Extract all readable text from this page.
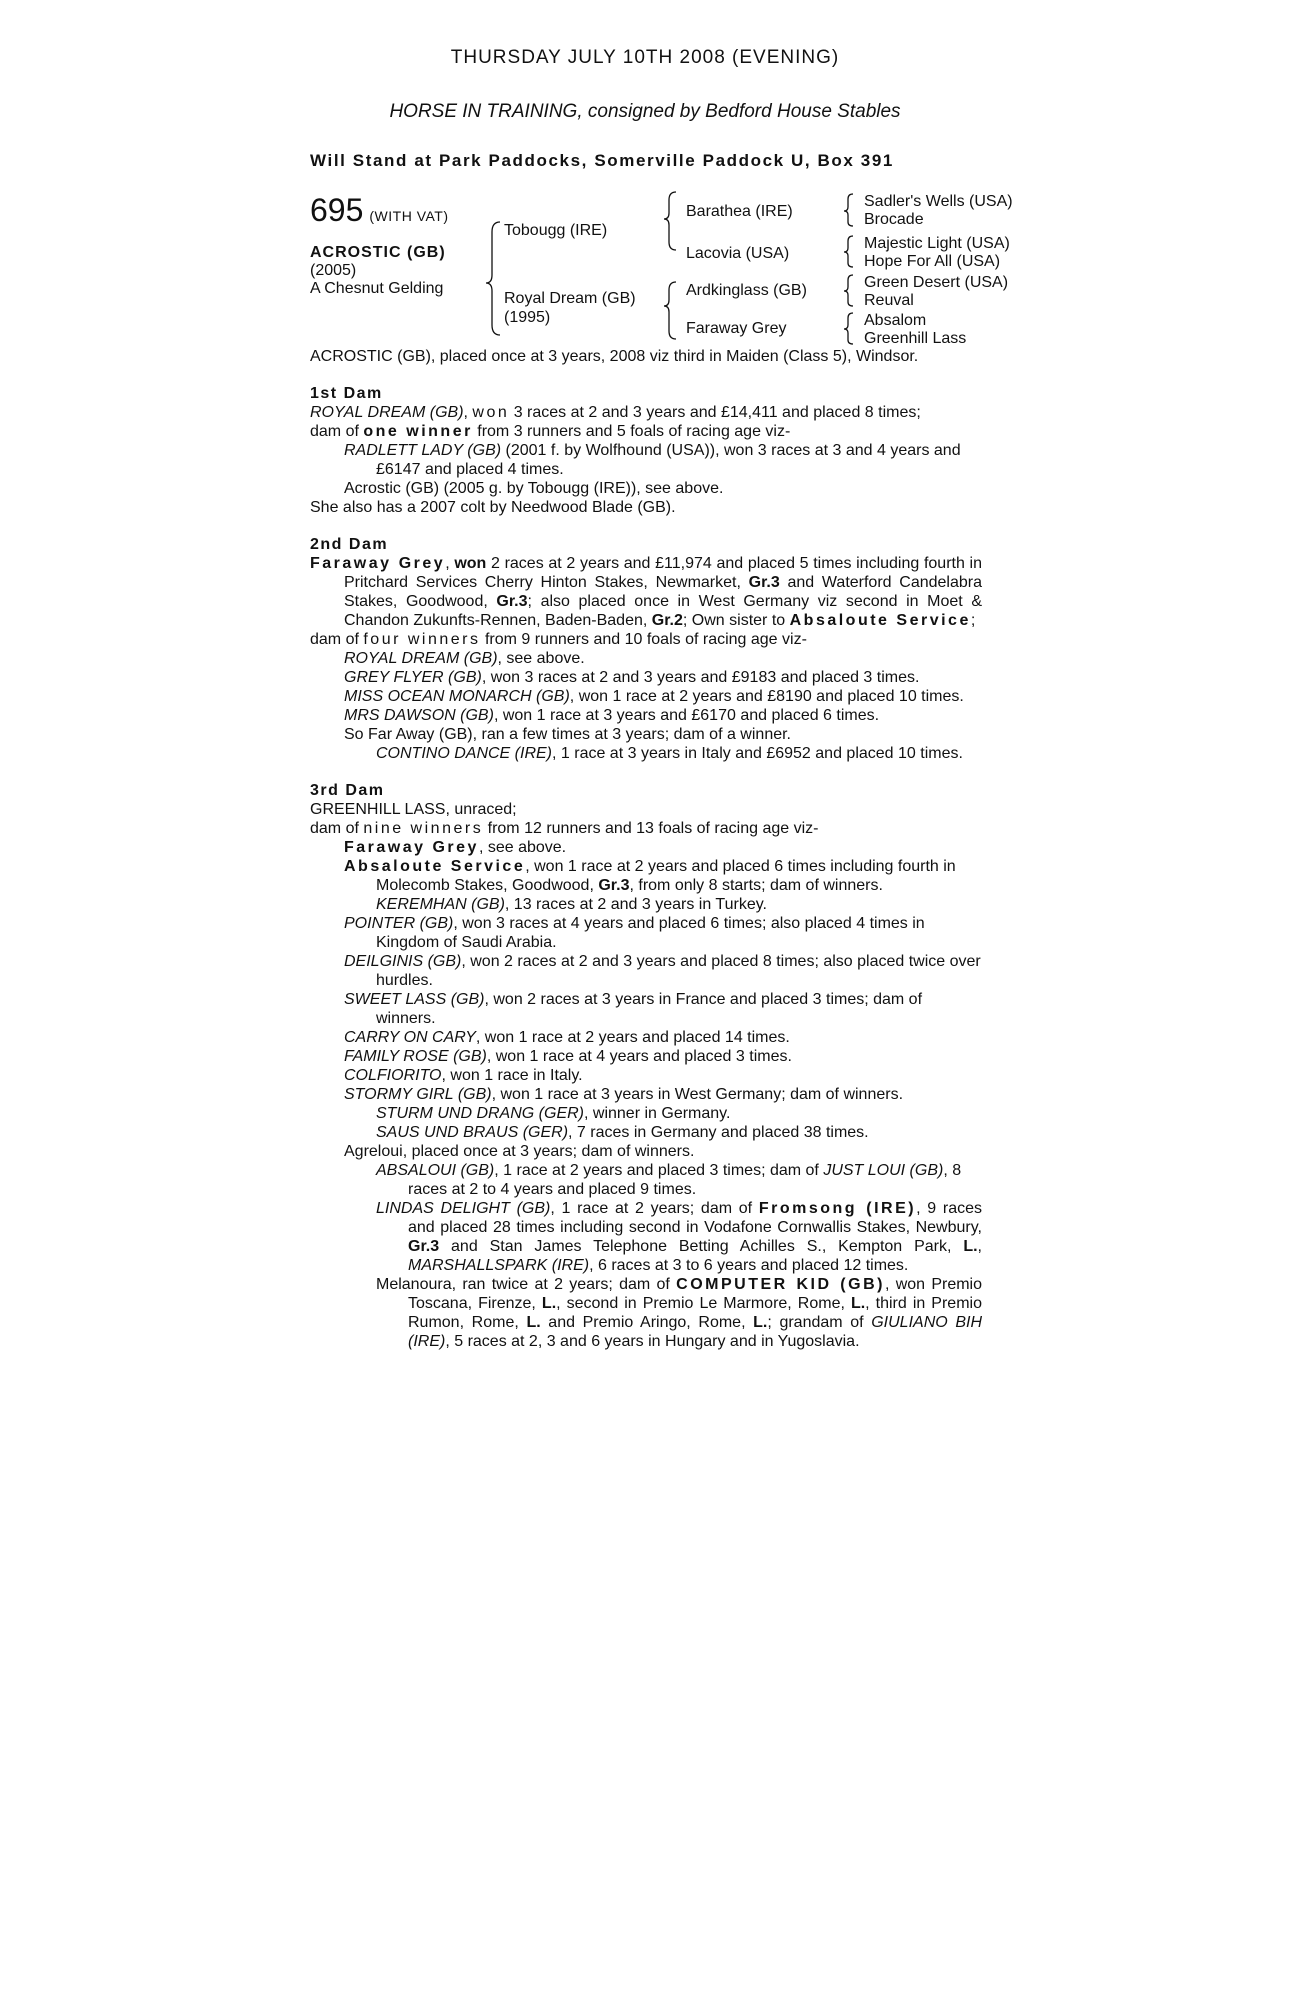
THURSDAY JULY 10TH 2008 (EVENING)
HORSE IN TRAINING, consigned by Bedford House Stables
Will Stand at Park Paddocks, Somerville Paddock U, Box 391
695 (WITH VAT)
ACROSTIC (GB)
(2005)
A Chesnut Gelding
Tobougg (IRE)
Royal Dream (GB)
(1995)
Barathea (IRE)
Lacovia (USA)
Ardkinglass (GB)
Faraway Grey
Sadler's Wells (USA)
Brocade
Majestic Light (USA)
Hope For All (USA)
Green Desert (USA)
Reuval
Absalom
Greenhill Lass

ACROSTIC (GB), placed once at 3 years, 2008 viz third in Maiden (Class 5), Windsor.

1st Dam

ROYAL DREAM (GB), won 3 races at 2 and 3 years and £14,411 and placed 8 times;

dam of one winner from 3 runners and 5 foals of racing age viz-

RADLETT LADY (GB) (2001 f. by Wolfhound (USA)), won 3 races at 3 and 4 years and £6147 and placed 4 times.

Acrostic (GB) (2005 g. by Tobougg (IRE)), see above.

She also has a 2007 colt by Needwood Blade (GB).

2nd Dam

Faraway Grey, won 2 races at 2 years and £11,974 and placed 5 times including fourth in Pritchard Services Cherry Hinton Stakes, Newmarket, Gr.3 and Waterford Candelabra Stakes, Goodwood, Gr.3; also placed once in West Germany viz second in Moet & Chandon Zukunfts-Rennen, Baden-Baden, Gr.2; Own sister to Absaloute Service;

dam of four winners from 9 runners and 10 foals of racing age viz-

ROYAL DREAM (GB), see above.

GREY FLYER (GB), won 3 races at 2 and 3 years and £9183 and placed 3 times.

MISS OCEAN MONARCH (GB), won 1 race at 2 years and £8190 and placed 10 times.

MRS DAWSON (GB), won 1 race at 3 years and £6170 and placed 6 times.

So Far Away (GB), ran a few times at 3 years; dam of a winner.

CONTINO DANCE (IRE), 1 race at 3 years in Italy and £6952 and placed 10 times.

3rd Dam

GREENHILL LASS, unraced;

dam of nine winners from 12 runners and 13 foals of racing age viz-

Faraway Grey, see above.

Absaloute Service, won 1 race at 2 years and placed 6 times including fourth in Molecomb Stakes, Goodwood, Gr.3, from only 8 starts; dam of winners.

KEREMHAN (GB), 13 races at 2 and 3 years in Turkey.

POINTER (GB), won 3 races at 4 years and placed 6 times; also placed 4 times in Kingdom of Saudi Arabia.

DEILGINIS (GB), won 2 races at 2 and 3 years and placed 8 times; also placed twice over hurdles.

SWEET LASS (GB), won 2 races at 3 years in France and placed 3 times; dam of winners.

CARRY ON CARY, won 1 race at 2 years and placed 14 times.

FAMILY ROSE (GB), won 1 race at 4 years and placed 3 times.

COLFIORITO, won 1 race in Italy.

STORMY GIRL (GB), won 1 race at 3 years in West Germany; dam of winners.

STURM UND DRANG (GER), winner in Germany.

SAUS UND BRAUS (GER), 7 races in Germany and placed 38 times.

Agreloui, placed once at 3 years; dam of winners.

ABSALOUI (GB), 1 race at 2 years and placed 3 times; dam of JUST LOUI (GB), 8 races at 2 to 4 years and placed 9 times.

LINDAS DELIGHT (GB), 1 race at 2 years; dam of Fromsong (IRE), 9 races and placed 28 times including second in Vodafone Cornwallis Stakes, Newbury, Gr.3 and Stan James Telephone Betting Achilles S., Kempton Park, L., MARSHALLSPARK (IRE), 6 races at 3 to 6 years and placed 12 times.

Melanoura, ran twice at 2 years; dam of COMPUTER KID (GB), won Premio Toscana, Firenze, L., second in Premio Le Marmore, Rome, L., third in Premio Rumon, Rome, L. and Premio Aringo, Rome, L.; grandam of GIULIANO BIH (IRE), 5 races at 2, 3 and 6 years in Hungary and in Yugoslavia.
